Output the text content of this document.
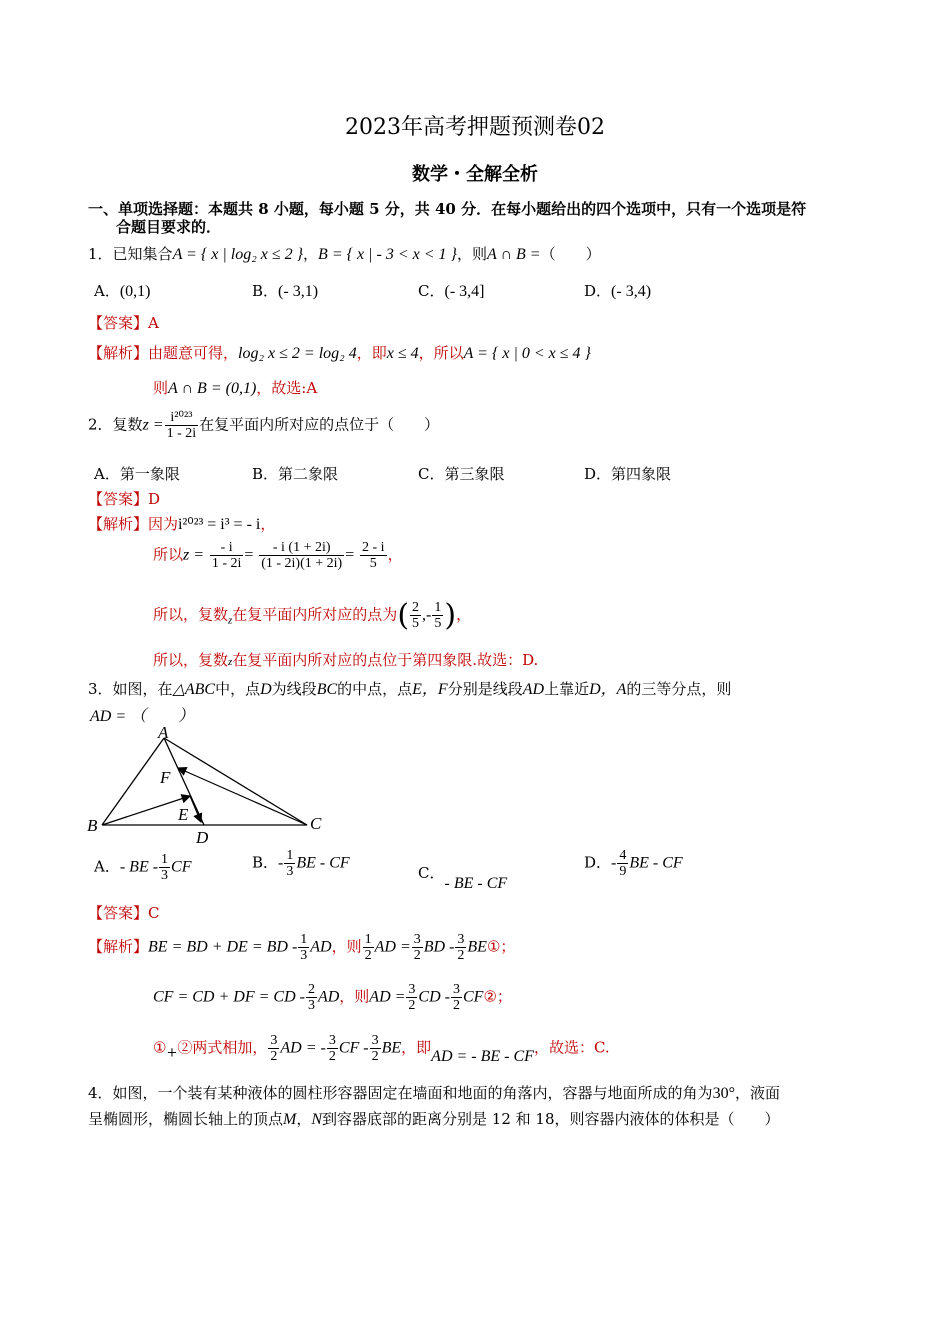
2023年高考押题预测卷02
数学・全解全析
一、单项选择题：本题共 8 小题，每小题 5 分，共 40 分．在每小题给出的四个选项中，只有一个选项是符
合题目要求的．
1．已知集合A = { x | log₂ x ≤ 2 }，B = { x | - 3 < x < 1 }，则A ∩ B =（　　）
A．(0,1)	B．(- 3,1)	C．(- 3,4]	D．(- 3,4)
【答案】A
【解析】由题意可得，log₂ x ≤ 2 = log₂ 4，即x ≤ 4，所以A = { x | 0 < x ≤ 4 }
则A ∩ B = (0,1)，故选:A
2．复数$z = \frac{\text{i²⁰²³}}{1 - 2i}$ 在复平面内所对应的点位于（　　）
A．第一象限	B．第二象限	C．第三象限	D．第四象限
【答案】D
【解析】因为i²⁰²³ = i³ = - i，
所以$z = \frac{- i}{1 - 2i} = \frac{- i (1 + 2i)}{(1 - 2i)(1 + 2i)} = \frac{2 - i}{5}$ ，
所以，复数$_z$在复平面内所对应的点为( $\frac{2}{5}$ ,- $\frac{1}{5}$ )，
所以，复数z在复平面内所对应的点位于第四象限.故选：D.
3．如图，在△ABC中，点D为线段BC的中点，点E，F分别是线段AD上靠近D，A的三等分点，则
AD = （　　）
A
B	C
D
E
F
A．- BE - $\frac{1}{3}$ CF	B．- $\frac{1}{3}$ BE - CF
C．- BE - CF
D．- $\frac{4}{9}$ BE - CF
【答案】C
【解析】BE = BD + DE = BD - $\frac{1}{3}$ AD，则 $\frac{1}{2}$ AD = $\frac{3}{2}$ BD - $\frac{3}{2}$ BE①；
CF = CD + DF = CD - $\frac{2}{3}$ AD，则AD = $\frac{3}{2}$ CD - $\frac{3}{2}$ CF②；
①+②两式相加， $\frac{3}{2}$ AD = - $\frac{3}{2}$ CF - $\frac{3}{2}$ BE，即AD = - BE - CF，故选：C.
4．如图，一个装有某种液体的圆柱形容器固定在墙面和地面的角落内，容器与地面所成的角为30°，液面
呈椭圆形，椭圆长轴上的顶点M，N到容器底部的距离分别是 12 和 18，则容器内液体的体积是（　　）
